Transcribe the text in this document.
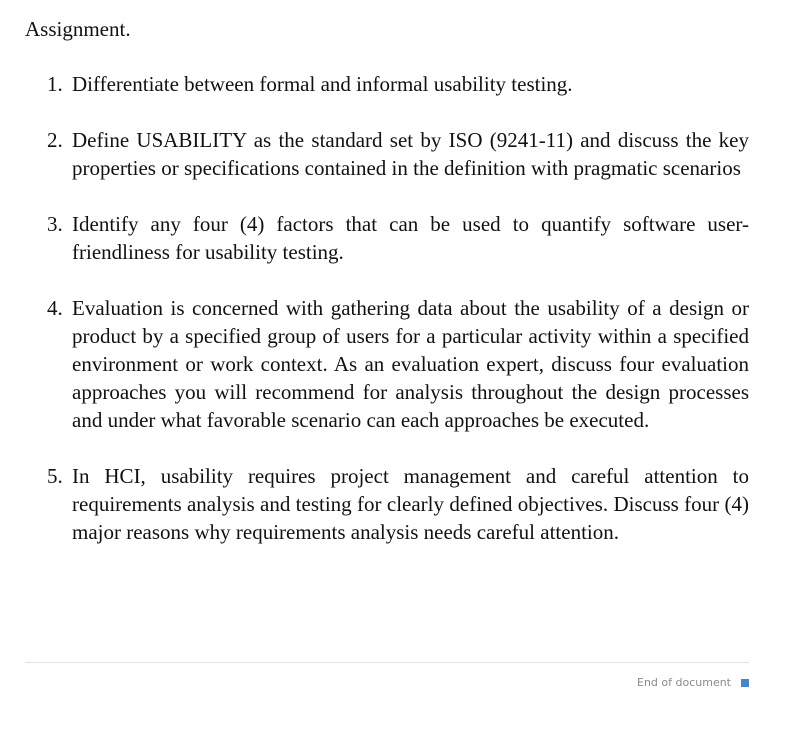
Assignment.
1. Differentiate between formal and informal usability testing.
2. Define USABILITY as the standard set by ISO (9241-11) and discuss the key properties or specifications contained in the definition with pragmatic scenarios
3. Identify any four (4) factors that can be used to quantify software user-friendliness for usability testing.
4. Evaluation is concerned with gathering data about the usability of a design or product by a specified group of users for a particular activity within a specified environment or work context. As an evaluation expert, discuss four evaluation approaches you will recommend for analysis throughout the design processes and under what favorable scenario can each approaches be executed.
5. In HCI, usability requires project management and careful attention to requirements analysis and testing for clearly defined objectives. Discuss four (4) major reasons why requirements analysis needs careful attention.
End of document
